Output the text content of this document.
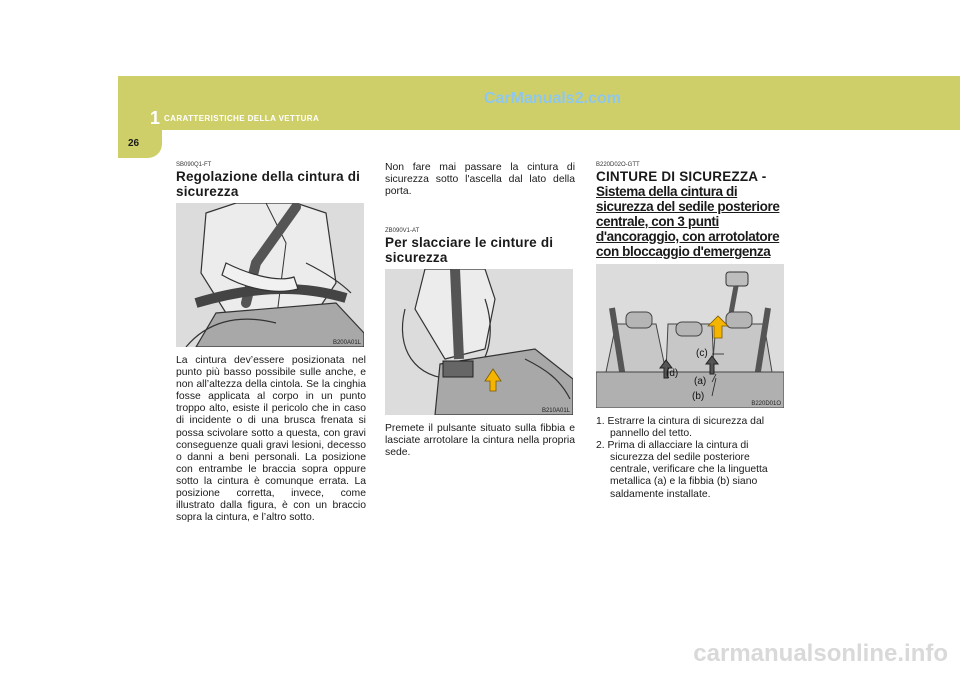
1 CARATTERISTICHE DELLA VETTURA
CarManuals2.com
26
SB090Q1-FT
Regolazione della cintura di sicurezza
B200A01L

La cintura dev’essere posizionata nel punto più basso possibile sulle anche, e non all’altezza della cintola. Se la cinghia fosse applicata al corpo in un punto troppo alto, esiste il pericolo che in caso di incidente o di una brusca frenata si possa scivolare sotto a questa, con gravi conseguenze quali gravi lesioni, decesso o danni a beni personali. La posizione con entrambe le braccia sopra oppure sotto la cintura è comunque errata. La posizione corretta, invece, come illustrato dalla figura, è con un braccio sopra la cintura, e l’altro sotto.

Non fare mai passare la cintura di sicurezza sotto l'ascella dal lato della porta.

ZB090V1-AT
Per slacciare le cinture di sicurezza
B210A01L

Premete il pulsante situato sulla fibbia e lasciate arrotolare la cintura nella propria sede.

B220D02O-GTT
CINTURE DI SICUREZZA -
Sistema della cintura di sicurezza del sedile posteriore centrale, con 3 punti d'ancoraggio, con arrotolatore con bloccaggio d'emergenza
(c)
(d)
(a)
(b)
B220D01O
1. Estrarre la cintura di sicurezza dal pannello del tetto.
2. Prima di allacciare la cintura di sicurezza del sedile posteriore centrale, verificare che la linguetta metallica (a) e la fibbia (b) siano saldamente installate.
carmanualsonline.info
